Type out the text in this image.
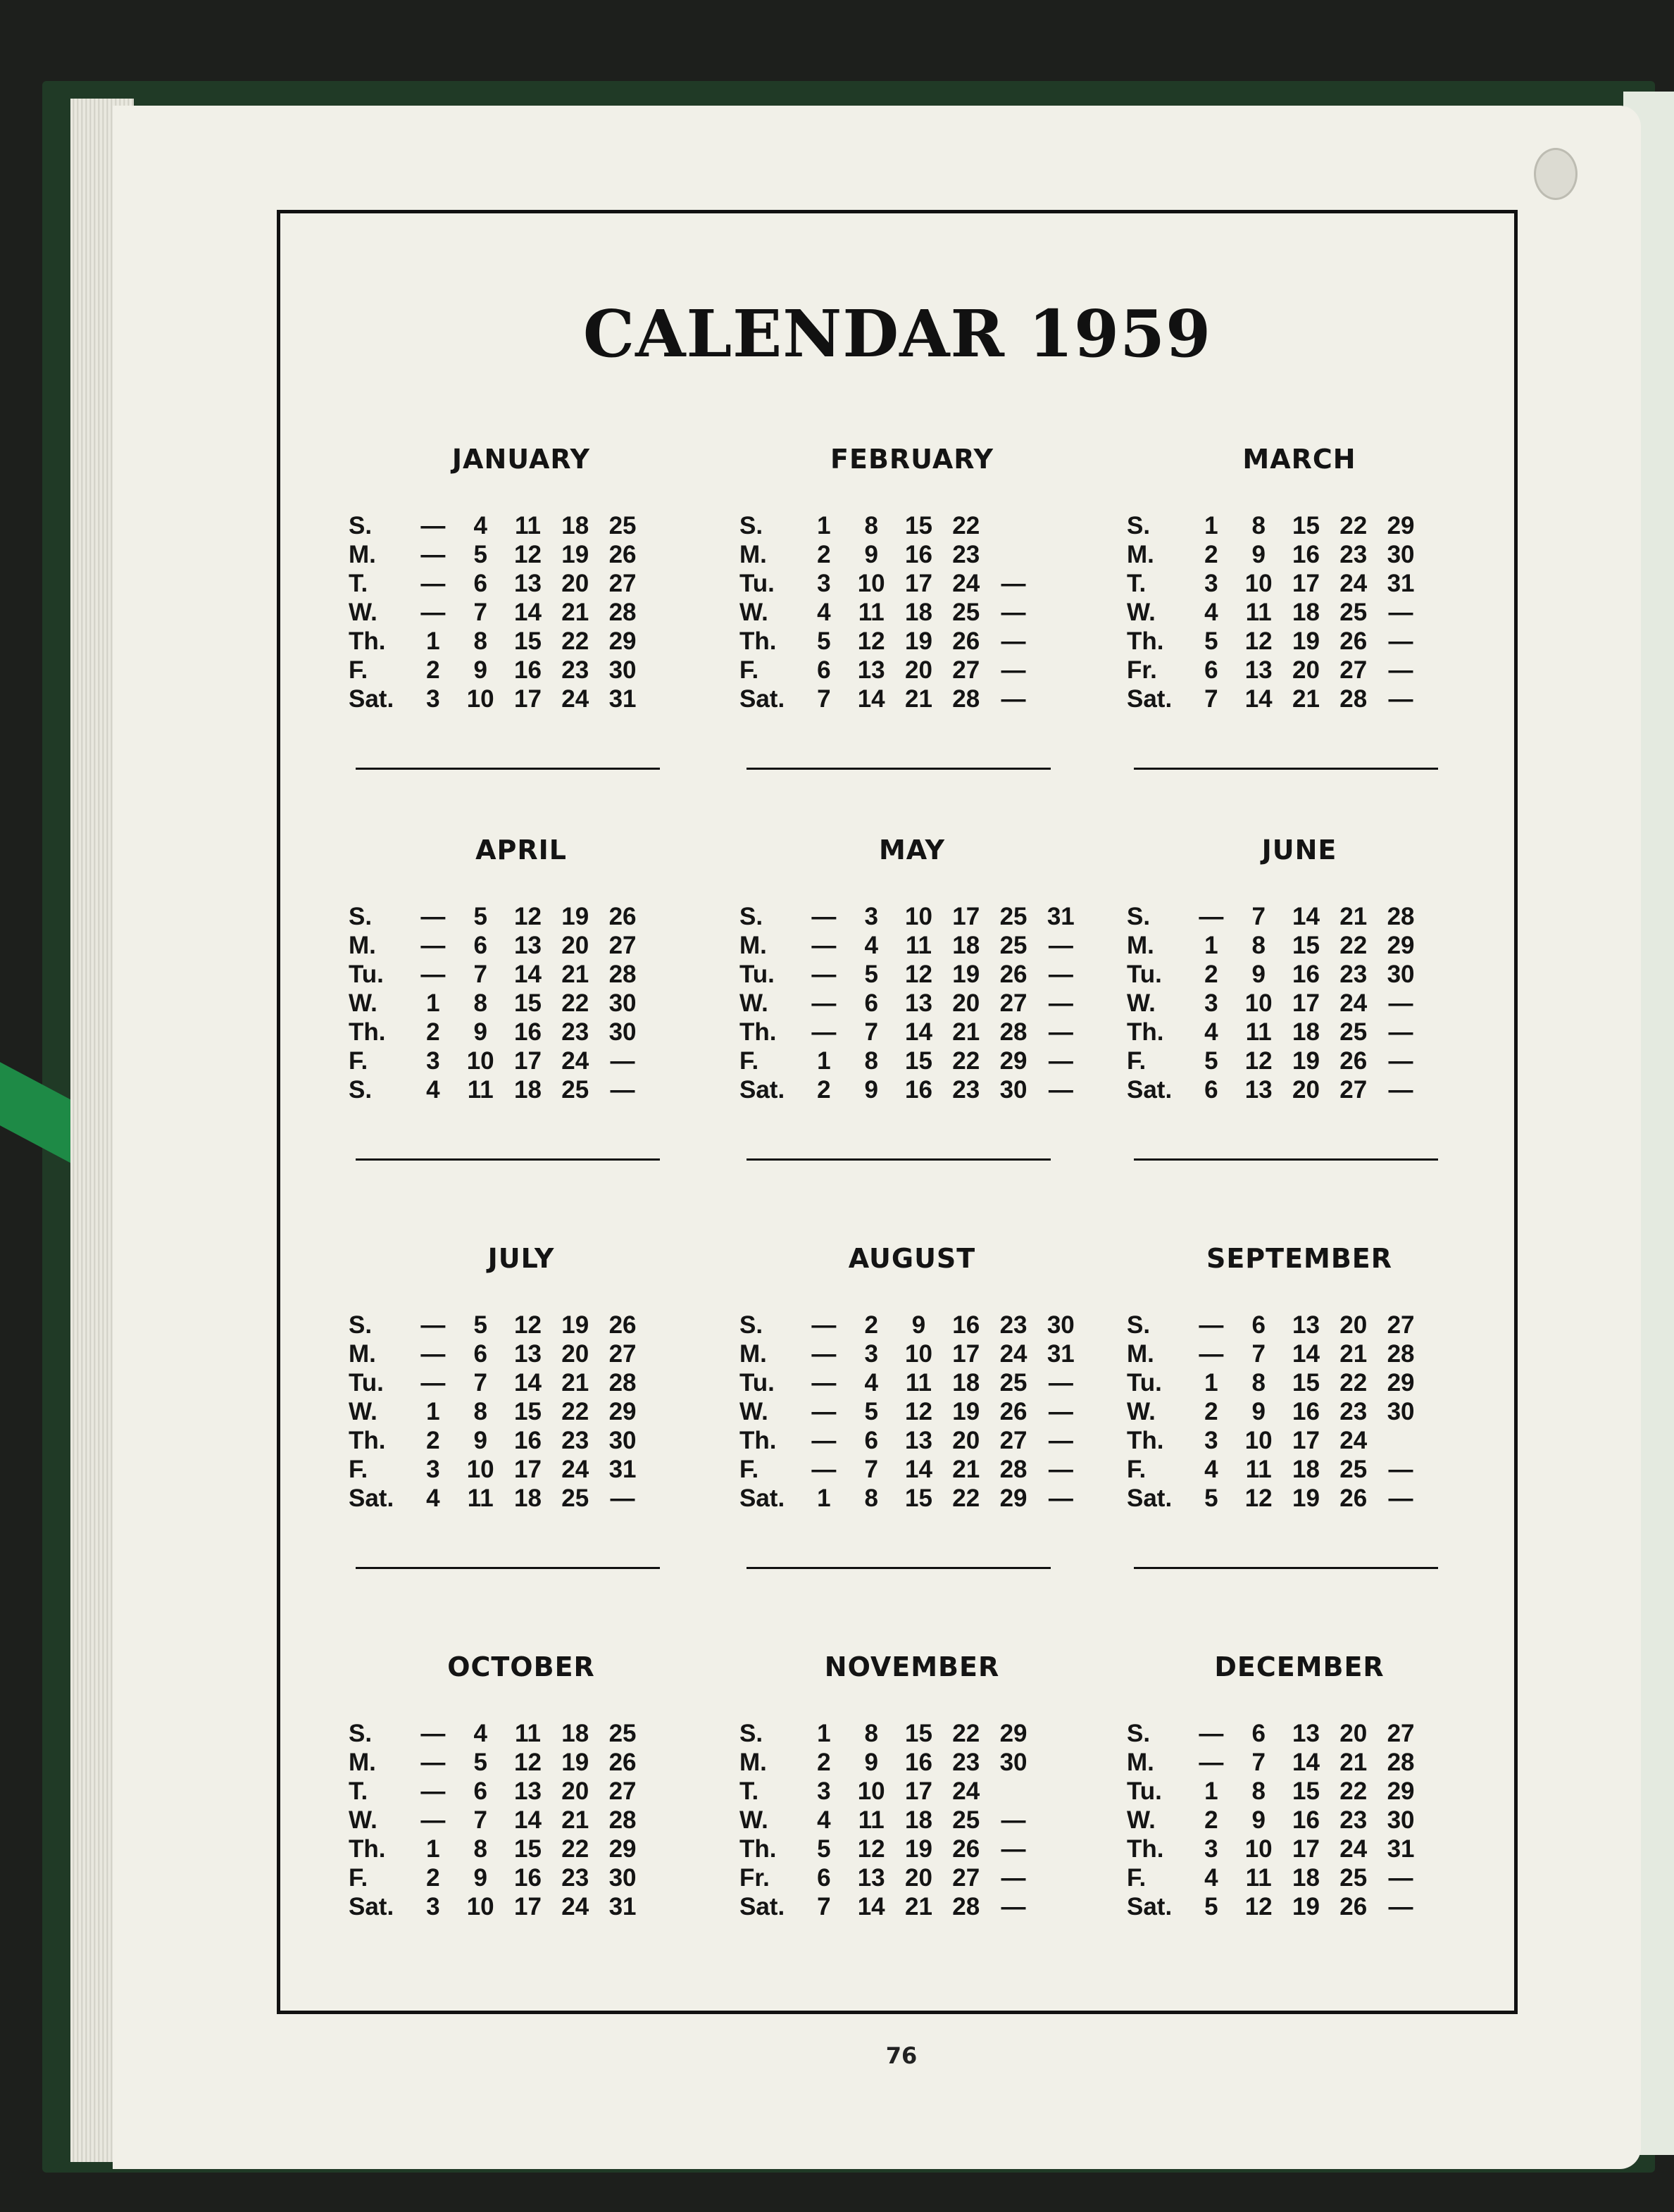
CALENDAR 1959
JANUARY
S.	—	4	11 18 25
M.	—	5	12 19 26
T.	—	6	13 20 27
W.	—	7	14 21 28
Th.	1	8	15 22 29
F.	2	9	16 23 30
Sat.	3	10 17 24 31
FEBRUARY
S.	1	8	15 22
M.	2	9	16 23
Tu.	3	10 17 24 —
W.	4	11 18 25 —
Th.	5	12 19 26 —
F.	6	13 20 27 —
Sat.	7	14 21 28 —
MARCH
S.	1	8	15 22 29
M.	2	9	16 23 30
T.	3	10 17 24 31
W.	4	11 18 25 —
Th.	5	12 19 26 —
Fr.	6	13 20 27 —
Sat.	7	14 21 28 —
APRIL
S.	—	5	12 19 26
M.	—	6	13 20 27
Tu.	—	7	14 21 28
W.	1	8	15 22 30
Th.	2	9	16 23 30
F.	3	10 17 24 —
S.	4	11 18 25 —
MAY
S.	—	3	10 17 25 31
M.	—	4	11 18 25 —
Tu.	—	5	12 19 26 —
W.	—	6	13 20 27 —
Th.	—	7	14 21 28 —
F.	1	8	15 22 29 —
Sat.	2	9	16 23 30 —
JUNE
S.	—	7	14 21 28
M.	1	8	15 22 29
Tu.	2	9	16 23 30
W.	3	10 17 24 —
Th.	4	11 18 25 —
F.	5	12 19 26 —
Sat.	6	13 20 27 —
JULY
S.	—	5	12 19 26
M.	—	6	13 20 27
Tu.	—	7	14 21 28
W.	1	8	15 22 29
Th.	2	9	16 23 30
F.	3	10 17 24 31
Sat.	4	11 18 25 —
AUGUST
S.	—	2	9	16 23 30
M.	—	3	10 17 24 31
Tu.	—	4	11 18 25 —
W.	—	5	12 19 26 —
Th.	—	6	13 20 27 —
F.	—	7	14 21 28 —
Sat.	1	8	15 22 29 —
SEPTEMBER
S.	—	6	13 20 27
M.	—	7	14 21 28
Tu.	1	8	15 22 29
W.	2	9	16 23 30
Th.	3	10 17 24
F.	4	11 18 25 —
Sat.	5	12 19 26 —
OCTOBER
S.	—	4	11 18 25
M.	—	5	12 19 26
T.	—	6	13 20 27
W.	—	7	14 21 28
Th.	1	8	15 22 29
F.	2	9	16 23 30
Sat.	3	10 17 24 31
NOVEMBER
S.	1	8	15 22 29
M.	2	9	16 23 30
T.	3	10 17 24
W.	4	11 18 25 —
Th.	5	12 19 26 —
Fr.	6	13 20 27 —
Sat.	7	14 21 28 —
DECEMBER
S.	—	6	13 20 27
M.	—	7	14 21 28
Tu.	1	8	15 22 29
W.	2	9	16 23 30
Th.	3	10 17 24 31
F.	4	11 18 25 —
Sat.	5	12 19 26 —
76
